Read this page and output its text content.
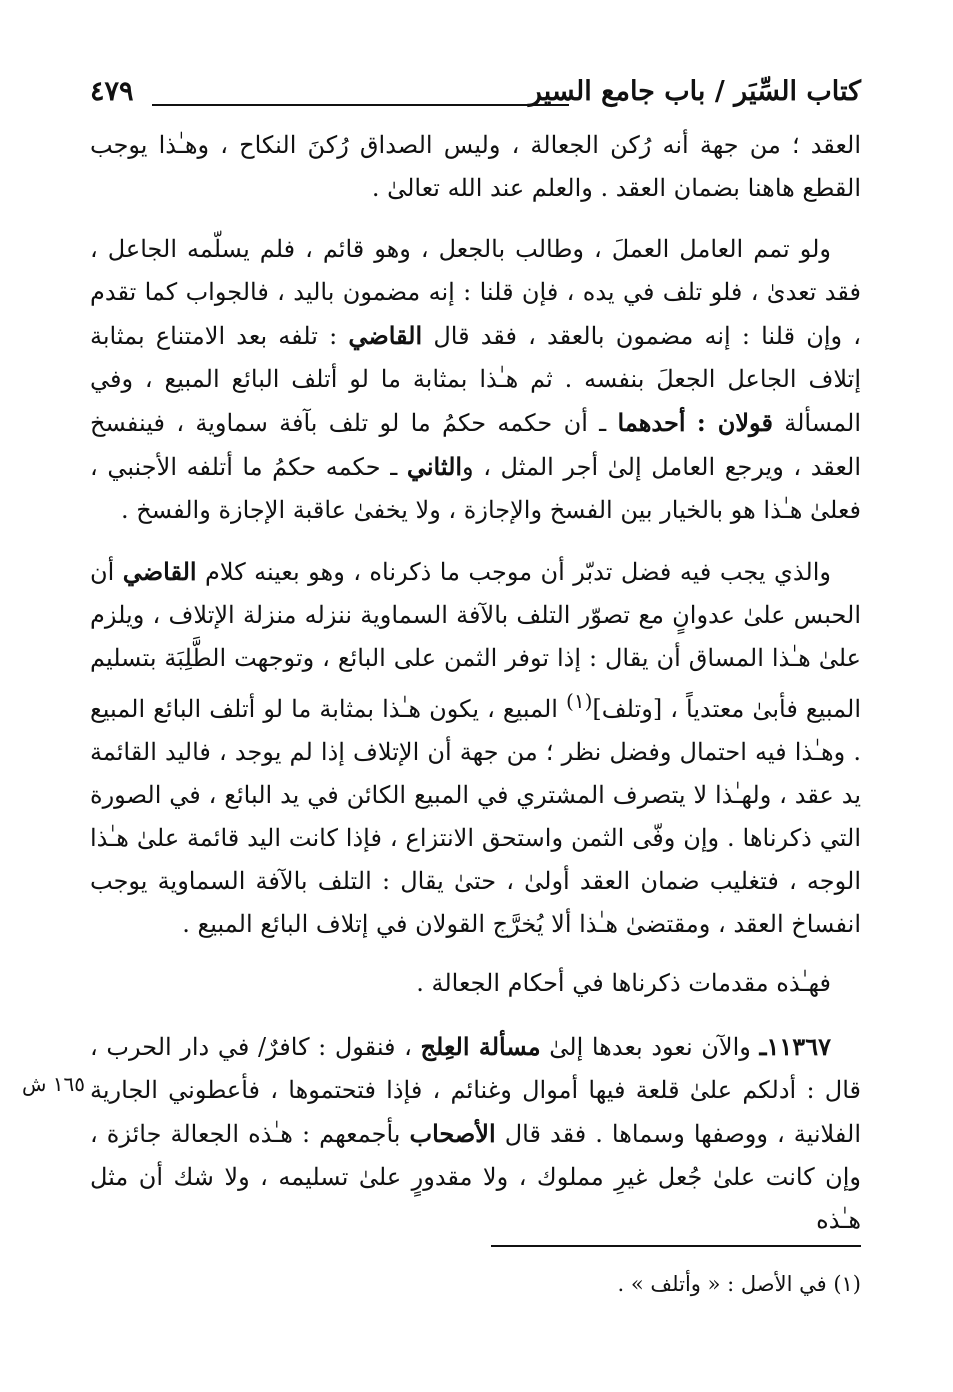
كتاب السِّيَر / باب جامع السير
٤٧٩

العقد ؛ من جهة أنه رُكن الجعالة ، وليس الصداق رُكنَ النكاح ، وهـٰذا يوجب القطع هاهنا بضمان العقد . والعلم عند الله تعالىٰ .

ولو تمم العامل العملَ ، وطالب بالجعل ، وهو قائم ، فلم يسلّمه الجاعل ، فقد تعدىٰ ، فلو تلف في يده ، فإن قلنا : إنه مضمون باليد ، فالجواب كما تقدم ، وإن قلنا : إنه مضمون بالعقد ، فقد قال القاضي : تلفه بعد الامتناع بمثابة إتلاف الجاعل الجعلَ بنفسه . ثم هـٰذا بمثابة ما لو أتلف البائع المبيع ، وفي المسألة قولان : أحدهما ـ أن حكمه حكمُ ما لو تلف بآفة سماوية ، فينفسخ العقد ، ويرجع العامل إلىٰ أجر المثل ، والثاني ـ حكمه حكمُ ما أتلفه الأجنبي ، فعلىٰ هـٰذا هو بالخيار بين الفسخ والإجازة ، ولا يخفىٰ عاقبة الإجازة والفسخ .

والذي يجب فيه فضل تدبّر أن موجب ما ذكرناه ، وهو بعينه كلام القاضي أن الحبس علىٰ عدوانٍ مع تصوّر التلف بالآفة السماوية ننزله منزلة الإتلاف ، ويلزم علىٰ هـٰذا المساق أن يقال : إذا توفر الثمن على البائع ، وتوجهت الطَّلِبَة بتسليم المبيع فأبىٰ معتدياً ، [وتلف]$^{(١)}$ المبيع ، يكون هـٰذا بمثابة ما لو أتلف البائع المبيع . وهـٰذا فيه احتمال وفضل نظر ؛ من جهة أن الإتلاف إذا لم يوجد ، فاليد القائمة يد عقد ، ولهـٰذا لا يتصرف المشتري في المبيع الكائن في يد البائع ، في الصورة التي ذكرناها . وإن وفّى الثمن واستحق الانتزاع ، فإذا كانت اليد قائمة علىٰ هـٰذا الوجه ، فتغليب ضمان العقد أولىٰ ، حتىٰ يقال : التلف بالآفة السماوية يوجب انفساخ العقد ، ومقتضىٰ هـٰذا ألا يُخرَّج القولان في إتلاف البائع المبيع .

فهـٰذه مقدمات ذكرناها في أحكام الجعالة .

١١٣٦٧ـ والآن نعود بعدها إلىٰ مسألة العِلج ، فنقول : كافرٌ/ في دار الحرب ، قال : أدلكم علىٰ قلعة فيها أموال وغنائم ، فإذا فتحتموها ، فأعطوني الجارية الفلانية ، ووصفها وسماها . فقد قال الأصحاب بأجمعهم : هـٰذه الجعالة جائزة ، وإن كانت علىٰ جُعل غيرِ مملوك ، ولا مقدورٍ علىٰ تسليمه ، ولا شك أن مثل هـٰذه

١٦٥ ش
(١) في الأصل : « وأتلف » .
